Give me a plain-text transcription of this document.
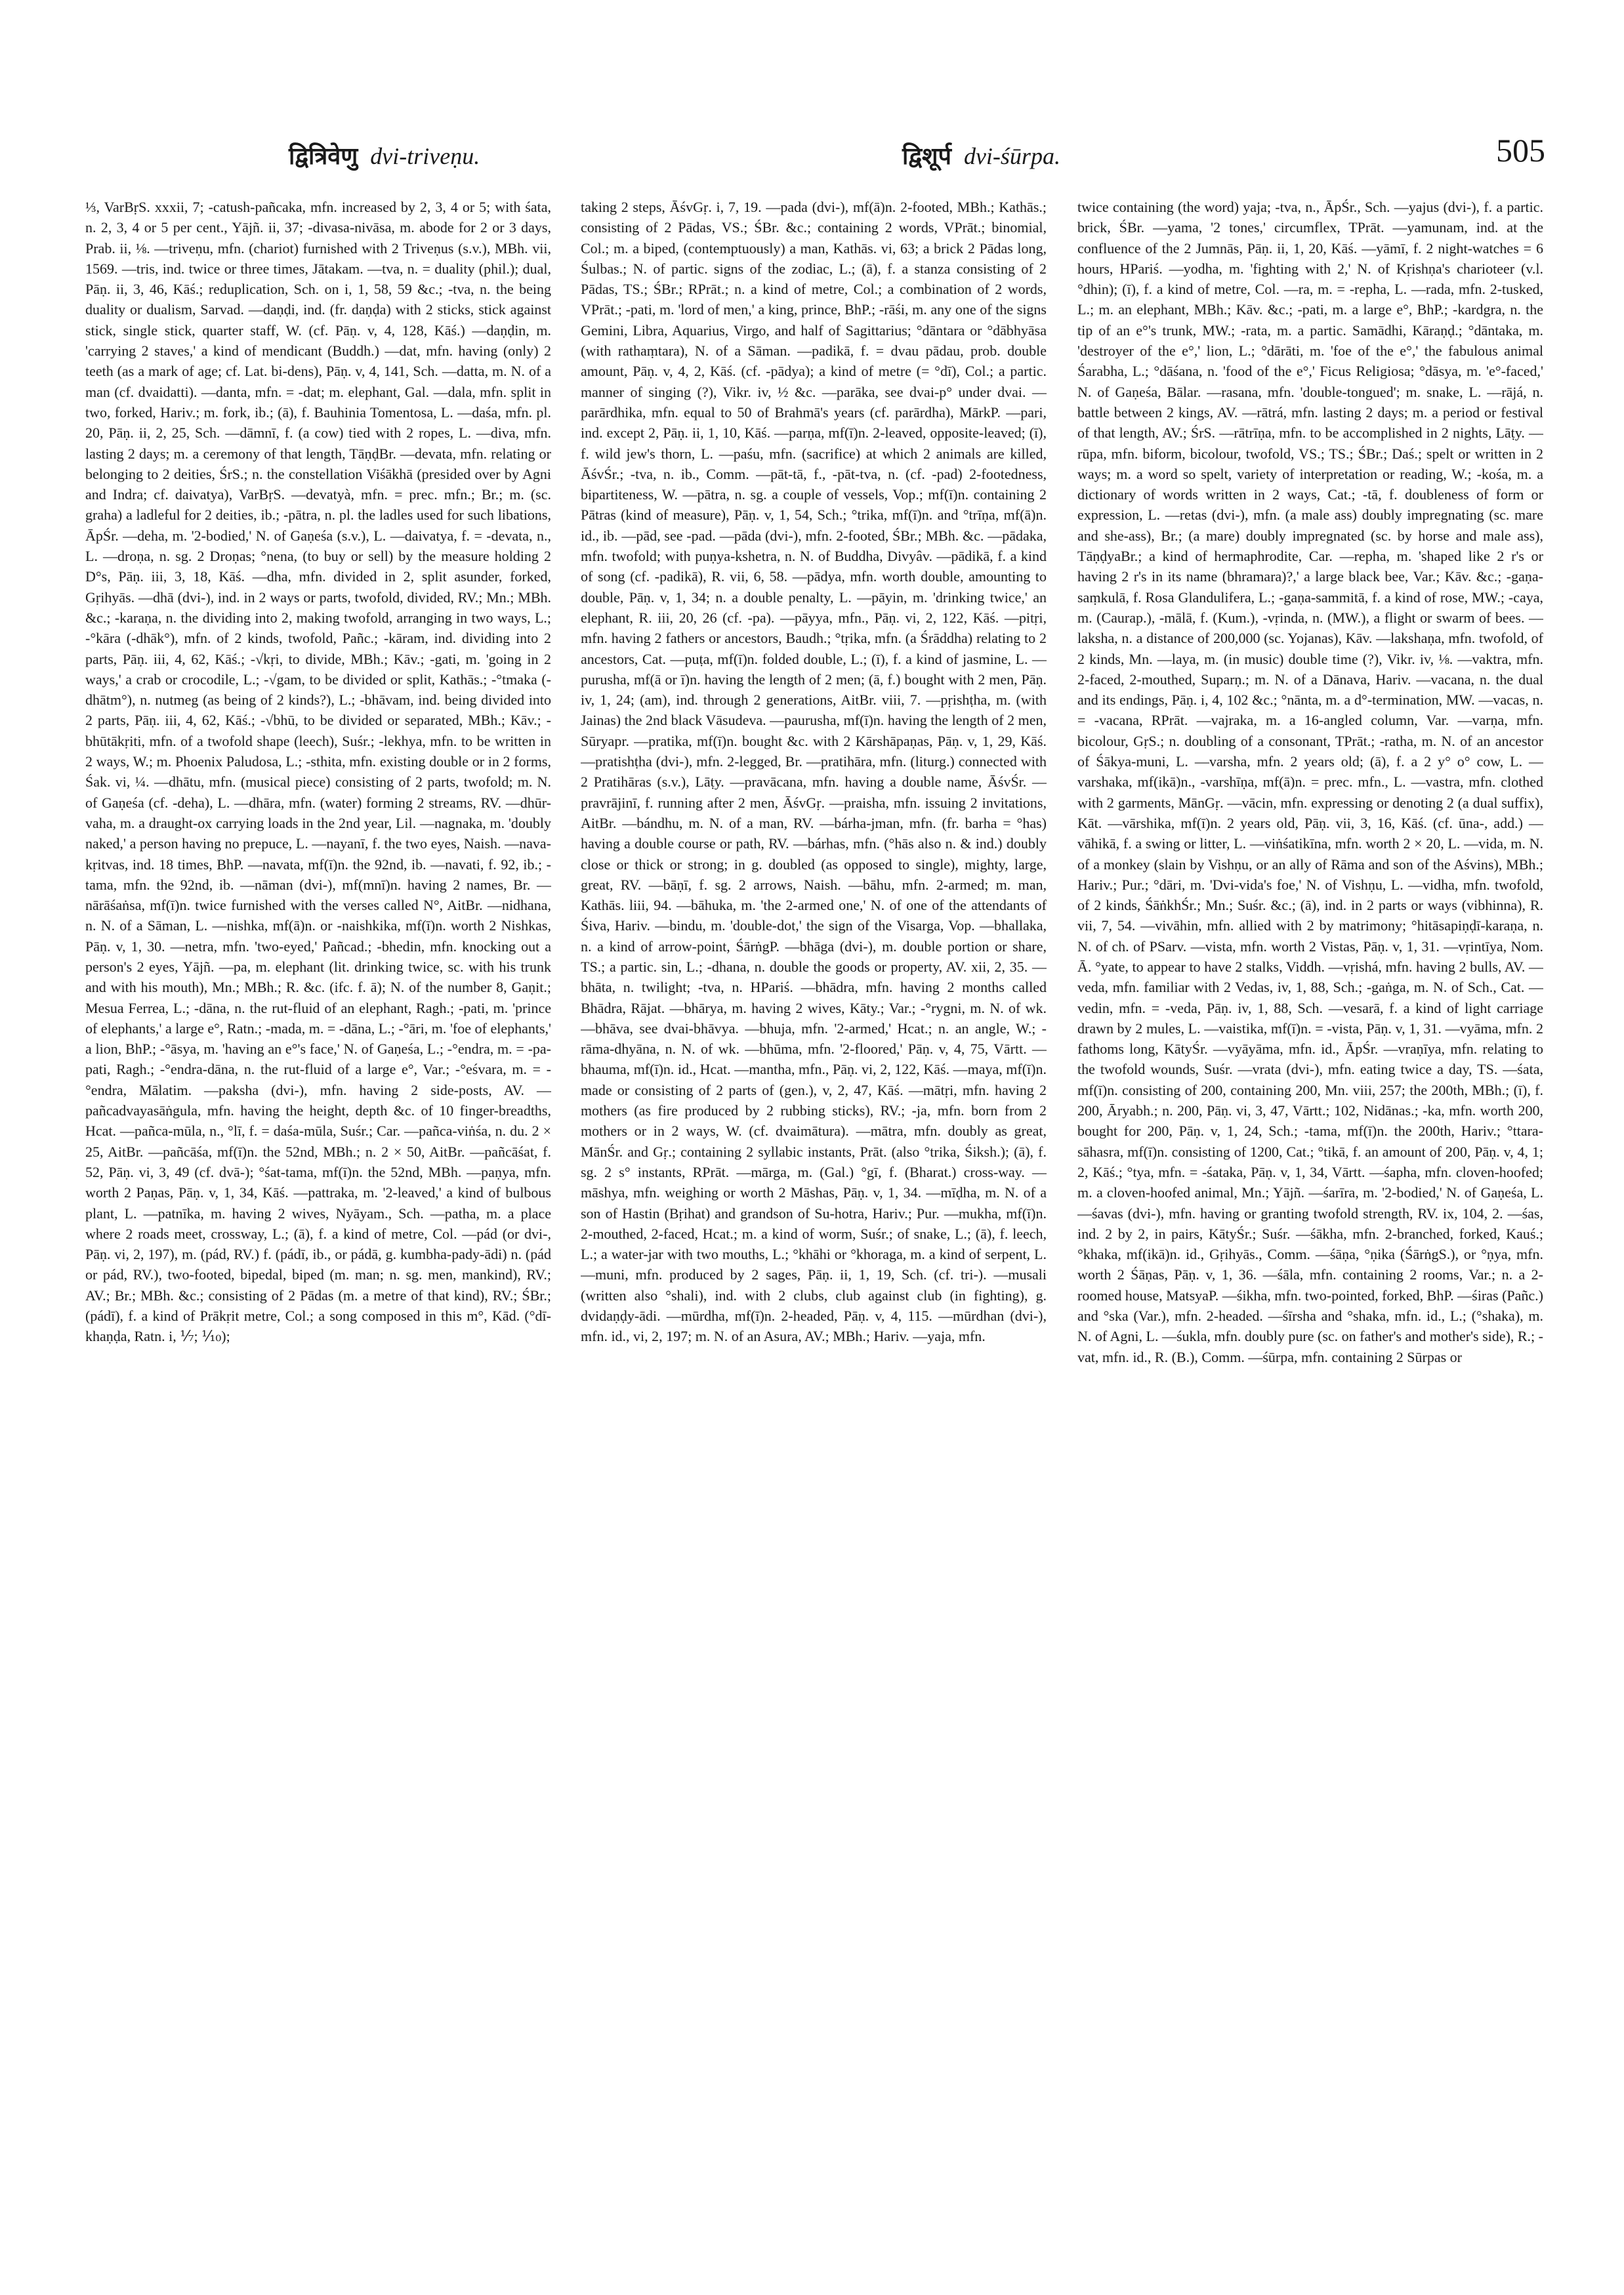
द्वित्रिवेणु dvi-triveṇu.	द्विशूर्प dvi-śūrpa.	505

⅓, VarBṛS. xxxii, 7; -catush-pañcaka, mfn. increased by 2, 3, 4 or 5; with śata, n. 2, 3, 4 or 5 per cent., Yājñ. ii, 37; -divasa-nivāsa, m. abode for 2 or 3 days, Prab. ii, ⅛. —triveṇu, mfn. (chariot) furnished with 2 Triveṇus (s.v.), MBh. vii, 1569. —tris, ind. twice or three times, Jātakam. —tva, n. = duality (phil.); dual, Pāṇ. ii, 3, 46, Kāś.; reduplication, Sch. on i, 1, 58, 59 &c.; -tva, n. the being duality or dualism, Sarvad. —daṇḍi, ind. (fr. daṇḍa) with 2 sticks, stick against stick, single stick, quarter staff, W. (cf. Pāṇ. v, 4, 128, Kāś.) —daṇḍin, m. 'carrying 2 staves,' a kind of mendicant (Buddh.) —dat, mfn. having (only) 2 teeth (as a mark of age; cf. Lat. bi-dens), Pāṇ. v, 4, 141, Sch. —datta, m. N. of a man (cf. dvaidatti). —danta, mfn. = -dat; m. elephant, Gal. —dala, mfn. split in two, forked, Hariv.; m. fork, ib.; (ā), f. Bauhinia Tomentosa, L. —daśa, mfn. pl. 20, Pāṇ. ii, 2, 25, Sch. —dāmnī, f. (a cow) tied with 2 ropes, L. —diva, mfn. lasting 2 days; m. a ceremony of that length, TāṇḍBr. —devata, mfn. relating or belonging to 2 deities, ŚrS.; n. the constellation Viśākhā (presided over by Agni and Indra; cf. daivatya), VarBṛS. —devatyà, mfn. = prec. mfn.; Br.; m. (sc. graha) a ladleful for 2 deities, ib.; -pātra, n. pl. the ladles used for such libations, ĀpŚr. —deha, m. '2-bodied,' N. of Gaṇeśa (s.v.), L. —daivatya, f. = -devata, n., L. —droṇa, n. sg. 2 Droṇas; °nena, (to buy or sell) by the measure holding 2 D°s, Pāṇ. iii, 3, 18, Kāś. —dha, mfn. divided in 2, split asunder, forked, Gṛihyās. —dhā (dvi-), ind. in 2 ways or parts, twofold, divided, RV.; Mn.; MBh. &c.; -karaṇa, n. the dividing into 2, making twofold, arranging in two ways, L.; -°kāra (-dhāk°), mfn. of 2 kinds, twofold, Pañc.; -kāram, ind. dividing into 2 parts, Pāṇ. iii, 4, 62, Kāś.; -√kṛi, to divide, MBh.; Kāv.; -gati, m. 'going in 2 ways,' a crab or crocodile, L.; -√gam, to be divided or split, Kathās.; -°tmaka (-dhātm°), n. nutmeg (as being of 2 kinds?), L.; -bhāvam, ind. being divided into 2 parts, Pāṇ. iii, 4, 62, Kāś.; -√bhū, to be divided or separated, MBh.; Kāv.; -bhūtākṛiti, mfn. of a twofold shape (leech), Suśr.; -lekhya, mfn. to be written in 2 ways, W.; m. Phoenix Paludosa, L.; -sthita, mfn. existing double or in 2 forms, Śak. vi, ¼. —dhātu, mfn. (musical piece) consisting of 2 parts, twofold; m. N. of Gaṇeśa (cf. -deha), L. —dhāra, mfn. (water) forming 2 streams, RV. —dhūr-vaha, m. a draught-ox carrying loads in the 2nd year, Lil. —nagnaka, m. 'doubly naked,' a person having no prepuce, L. —nayanī, f. the two eyes, Naish. —nava-kṛitvas, ind. 18 times, BhP. —navata, mf(ī)n. the 92nd, ib. —navati, f. 92, ib.; -tama, mfn. the 92nd, ib. —nāman (dvi-), mf(mnī)n. having 2 names, Br. —nārāśaṅsa, mf(ī)n. twice furnished with the verses called N°, AitBr. —nidhana, n. N. of a Sāman, L. —nishka, mf(ā)n. or -naishkika, mf(ī)n. worth 2 Nishkas, Pāṇ. v, 1, 30. —netra, mfn. 'two-eyed,' Pañcad.; -bhedin, mfn. knocking out a person's 2 eyes, Yājñ. —pa, m. elephant (lit. drinking twice, sc. with his trunk and with his mouth), Mn.; MBh.; R. &c. (ifc. f. ā); N. of the number 8, Gaṇit.; Mesua Ferrea, L.; -dāna, n. the rut-fluid of an elephant, Ragh.; -pati, m. 'prince of elephants,' a large e°, Ratn.; -mada, m. = -dāna, L.; -°āri, m. 'foe of elephants,' a lion, BhP.; -°āsya, m. 'having an e°'s face,' N. of Gaṇeśa, L.; -°endra, m. = -pa-pati, Ragh.; -°endra-dāna, n. the rut-fluid of a large e°, Var.; -°eśvara, m. = -°endra, Mālatim. —paksha (dvi-), mfn. having 2 side-posts, AV. —pañcadvayasāṅgula, mfn. having the height, depth &c. of 10 finger-breadths, Hcat. —pañca-mūla, n., °lī, f. = daśa-mūla, Suśr.; Car. —pañca-viṅśa, n. du. 2 × 25, AitBr. —pañcāśa, mf(ī)n. the 52nd, MBh.; n. 2 × 50, AitBr. —pañcāśat, f. 52, Pāṇ. vi, 3, 49 (cf. dvā-); °śat-tama, mf(ī)n. the 52nd, MBh. —paṇya, mfn. worth 2 Paṇas, Pāṇ. v, 1, 34, Kāś. —pattraka, m. '2-leaved,' a kind of bulbous plant, L. —patnīka, m. having 2 wives, Nyāyam., Sch. —patha, m. a place where 2 roads meet, crossway, L.; (ā), f. a kind of metre, Col. —pád (or dvi-, Pāṇ. vi, 2, 197), m. (pád, RV.) f. (pádī, ib., or pádā, g. kumbha-pady-ādi) n. (pád or pád, RV.), two-footed, bipedal, biped (m. man; n. sg. men, mankind), RV.; AV.; Br.; MBh. &c.; consisting of 2 Pādas (m. a metre of that kind), RV.; ŚBr.; (pádī), f. a kind of Prākṛit metre, Col.; a song composed in this m°, Kād. (°dī-khaṇḍa, Ratn. i, ⅐; ⅒);

taking 2 steps, ĀśvGṛ. i, 7, 19. —pada (dvi-), mf(ā)n. 2-footed, MBh.; Kathās.; consisting of 2 Pādas, VS.; ŚBr. &c.; containing 2 words, VPrāt.; binomial, Col.; m. a biped, (contemptuously) a man, Kathās. vi, 63; a brick 2 Pādas long, Śulbas.; N. of partic. signs of the zodiac, L.; (ā), f. a stanza consisting of 2 Pādas, TS.; ŚBr.; RPrāt.; n. a kind of metre, Col.; a combination of 2 words, VPrāt.; -pati, m. 'lord of men,' a king, prince, BhP.; -rāśi, m. any one of the signs Gemini, Libra, Aquarius, Virgo, and half of Sagittarius; °dāntara or °dābhyāsa (with rathaṃtara), N. of a Sāman. —padikā, f. = dvau pādau, prob. double amount, Pāṇ. v, 4, 2, Kāś. (cf. -pādya); a kind of metre (= °dī), Col.; a partic. manner of singing (?), Vikr. iv, ½ &c. —parāka, see dvai-p° under dvai. —parārdhika, mfn. equal to 50 of Brahmā's years (cf. parārdha), MārkP. —pari, ind. except 2, Pāṇ. ii, 1, 10, Kāś. —parṇa, mf(ī)n. 2-leaved, opposite-leaved; (ī), f. wild jew's thorn, L. —paśu, mfn. (sacrifice) at which 2 animals are killed, ĀśvŚr.; -tva, n. ib., Comm. —pāt-tā, f., -pāt-tva, n. (cf. -pad) 2-footedness, bipartiteness, W. —pātra, n. sg. a couple of vessels, Vop.; mf(ī)n. containing 2 Pātras (kind of measure), Pāṇ. v, 1, 54, Sch.; °trika, mf(ī)n. and °trīṇa, mf(ā)n. id., ib. —pād, see -pad. —pāda (dvi-), mfn. 2-footed, ŚBr.; MBh. &c. —pādaka, mfn. twofold; with puṇya-kshetra, n. N. of Buddha, Divyâv. —pādikā, f. a kind of song (cf. -padikā), R. vii, 6, 58. —pādya, mfn. worth double, amounting to double, Pāṇ. v, 1, 34; n. a double penalty, L. —pāyin, m. 'drinking twice,' an elephant, R. iii, 20, 26 (cf. -pa). —pāyya, mfn., Pāṇ. vi, 2, 122, Kāś. —pitṛi, mfn. having 2 fathers or ancestors, Baudh.; °tṛika, mfn. (a Śrāddha) relating to 2 ancestors, Cat. —puṭa, mf(ī)n. folded double, L.; (ī), f. a kind of jasmine, L. —purusha, mf(ā or ī)n. having the length of 2 men; (ā, f.) bought with 2 men, Pāṇ. iv, 1, 24; (am), ind. through 2 generations, AitBr. viii, 7. —pṛishṭha, m. (with Jainas) the 2nd black Vāsudeva. —paurusha, mf(ī)n. having the length of 2 men, Sūryapr. —pratika, mf(ī)n. bought &c. with 2 Kārshāpaṇas, Pāṇ. v, 1, 29, Kāś. —pratishṭha (dvi-), mfn. 2-legged, Br. —pratihāra, mfn. (liturg.) connected with 2 Pratihāras (s.v.), Lāṭy. —pravācana, mfn. having a double name, ĀśvŚr. —pravrājinī, f. running after 2 men, ĀśvGṛ. —praisha, mfn. issuing 2 invitations, AitBr. —bándhu, m. N. of a man, RV. —bárha-jman, mfn. (fr. barha = °has) having a double course or path, RV. —bárhas, mfn. (°hās also n. & ind.) doubly close or thick or strong; in g. doubled (as opposed to single), mighty, large, great, RV. —bāṇī, f. sg. 2 arrows, Naish. —bāhu, mfn. 2-armed; m. man, Kathās. liii, 94. —bāhuka, m. 'the 2-armed one,' N. of one of the attendants of Śiva, Hariv. —bindu, m. 'double-dot,' the sign of the Visarga, Vop. —bhallaka, n. a kind of arrow-point, ŚārṅgP. —bhāga (dvi-), m. double portion or share, TS.; a partic. sin, L.; -dhana, n. double the goods or property, AV. xii, 2, 35. —bhāta, n. twilight; -tva, n. HPariś. —bhādra, mfn. having 2 months called Bhādra, Rājat. —bhārya, m. having 2 wives, Kāty.; Var.; -°rygni, m. N. of wk. —bhāva, see dvai-bhāvya. —bhuja, mfn. '2-armed,' Hcat.; n. an angle, W.; -rāma-dhyāna, n. N. of wk. —bhūma, mfn. '2-floored,' Pāṇ. v, 4, 75, Vārtt. —bhauma, mf(ī)n. id., Hcat. —mantha, mfn., Pāṇ. vi, 2, 122, Kāś. —maya, mf(ī)n. made or consisting of 2 parts of (gen.), v, 2, 47, Kāś. —mātṛi, mfn. having 2 mothers (as fire produced by 2 rubbing sticks), RV.; -ja, mfn. born from 2 mothers or in 2 ways, W. (cf. dvaimātura). —mātra, mfn. doubly as great, MānŚr. and Gṛ.; containing 2 syllabic instants, Prāt. (also °trika, Śiksh.); (ā), f. sg. 2 s° instants, RPrāt. —mārga, m. (Gal.) °gī, f. (Bharat.) cross-way. —māshya, mfn. weighing or worth 2 Māshas, Pāṇ. v, 1, 34. —mīḍha, m. N. of a son of Hastin (Bṛihat) and grandson of Su-hotra, Hariv.; Pur. —mukha, mf(ī)n. 2-mouthed, 2-faced, Hcat.; m. a kind of worm, Suśr.; of snake, L.; (ā), f. leech, L.; a water-jar with two mouths, L.; °khāhi or °khoraga, m. a kind of serpent, L. —muni, mfn. produced by 2 sages, Pāṇ. ii, 1, 19, Sch. (cf. tri-). —musali (written also °shali), ind. with 2 clubs, club against club (in fighting), g. dvidaṇḍy-ādi. —mūrdha, mf(ī)n. 2-headed, Pāṇ. v, 4, 115. —mūrdhan (dvi-), mfn. id., vi, 2, 197; m. N. of an Asura, AV.; MBh.; Hariv. —yaja, mfn.

twice containing (the word) yaja; -tva, n., ĀpŚr., Sch. —yajus (dvi-), f. a partic. brick, ŚBr. —yama, '2 tones,' circumflex, TPrāt. —yamunam, ind. at the confluence of the 2 Jumnās, Pāṇ. ii, 1, 20, Kāś. —yāmī, f. 2 night-watches = 6 hours, HPariś. —yodha, m. 'fighting with 2,' N. of Kṛishṇa's charioteer (v.l. °dhin); (ī), f. a kind of metre, Col. —ra, m. = -repha, L. —rada, mfn. 2-tusked, L.; m. an elephant, MBh.; Kāv. &c.; -pati, m. a large e°, BhP.; -kardgra, n. the tip of an e°'s trunk, MW.; -rata, m. a partic. Samādhi, Kāraṇḍ.; °dāntaka, m. 'destroyer of the e°,' lion, L.; °dārāti, m. 'foe of the e°,' the fabulous animal Śarabha, L.; °dāśana, n. 'food of the e°,' Ficus Religiosa; °dāsya, m. 'e°-faced,' N. of Gaṇeśa, Bālar. —rasana, mfn. 'double-tongued'; m. snake, L. —rājá, n. battle between 2 kings, AV. —rātrá, mfn. lasting 2 days; m. a period or festival of that length, AV.; ŚrS. —rātrīṇa, mfn. to be accomplished in 2 nights, Lāṭy. —rūpa, mfn. biform, bicolour, twofold, VS.; TS.; ŚBr.; Daś.; spelt or written in 2 ways; m. a word so spelt, variety of interpretation or reading, W.; -kośa, m. a dictionary of words written in 2 ways, Cat.; -tā, f. doubleness of form or expression, L. —retas (dvi-), mfn. (a male ass) doubly impregnating (sc. mare and she-ass), Br.; (a mare) doubly impregnated (sc. by horse and male ass), TāṇḍyaBr.; a kind of hermaphrodite, Car. —repha, m. 'shaped like 2 r's or having 2 r's in its name (bhramara)?,' a large black bee, Var.; Kāv. &c.; -gaṇa-saṃkulā, f. Rosa Glandulifera, L.; -gaṇa-sammitā, f. a kind of rose, MW.; -caya, m. (Caurap.), -mālā, f. (Kum.), -vṛinda, n. (MW.), a flight or swarm of bees. —laksha, n. a distance of 200,000 (sc. Yojanas), Kāv. —lakshaṇa, mfn. twofold, of 2 kinds, Mn. —laya, m. (in music) double time (?), Vikr. iv, ⅛. —vaktra, mfn. 2-faced, 2-mouthed, Suparṇ.; m. N. of a Dānava, Hariv. —vacana, n. the dual and its endings, Pāṇ. i, 4, 102 &c.; °nānta, m. a d°-termination, MW. —vacas, n. = -vacana, RPrāt. —vajraka, m. a 16-angled column, Var. —varṇa, mfn. bicolour, GṛS.; n. doubling of a consonant, TPrāt.; -ratha, m. N. of an ancestor of Śākya-muni, L. —varsha, mfn. 2 years old; (ā), f. a 2 y° o° cow, L. —varshaka, mf(ikā)n., -varshīṇa, mf(ā)n. = prec. mfn., L. —vastra, mfn. clothed with 2 garments, MānGṛ. —vācin, mfn. expressing or denoting 2 (a dual suffix), Kāt. —vārshika, mf(ī)n. 2 years old, Pāṇ. vii, 3, 16, Kāś. (cf. ūna-, add.) —vāhikā, f. a swing or litter, L. —viṅśatikīna, mfn. worth 2 × 20, L. —vida, m. N. of a monkey (slain by Vishṇu, or an ally of Rāma and son of the Aśvins), MBh.; Hariv.; Pur.; °dāri, m. 'Dvi-vida's foe,' N. of Vishṇu, L. —vidha, mfn. twofold, of 2 kinds, ŚāṅkhŚr.; Mn.; Suśr. &c.; (ā), ind. in 2 parts or ways (vibhinna), R. vii, 7, 54. —vivāhin, mfn. allied with 2 by matrimony; °hitāsapiṇḍī-karaṇa, n. N. of ch. of PSarv. —vista, mfn. worth 2 Vistas, Pāṇ. v, 1, 31. —vṛintīya, Nom. Ā. °yate, to appear to have 2 stalks, Viddh. —vṛishá, mfn. having 2 bulls, AV. —veda, mfn. familiar with 2 Vedas, iv, 1, 88, Sch.; -gaṅga, m. N. of Sch., Cat. —vedin, mfn. = -veda, Pāṇ. iv, 1, 88, Sch. —vesarā, f. a kind of light carriage drawn by 2 mules, L. —vaistika, mf(ī)n. = -vista, Pāṇ. v, 1, 31. —vyāma, mfn. 2 fathoms long, KātyŚr. —vyāyāma, mfn. id., ĀpŚr. —vraṇīya, mfn. relating to the twofold wounds, Suśr. —vrata (dvi-), mfn. eating twice a day, TS. —śata, mf(ī)n. consisting of 200, containing 200, Mn. viii, 257; the 200th, MBh.; (ī), f. 200, Āryabh.; n. 200, Pāṇ. vi, 3, 47, Vārtt.; 102, Nidānas.; -ka, mfn. worth 200, bought for 200, Pāṇ. v, 1, 24, Sch.; -tama, mf(ī)n. the 200th, Hariv.; °ttara-sāhasra, mf(ī)n. consisting of 1200, Cat.; °tikā, f. an amount of 200, Pāṇ. v, 4, 1; 2, Kāś.; °tya, mfn. = -śataka, Pāṇ. v, 1, 34, Vārtt. —śapha, mfn. cloven-hoofed; m. a cloven-hoofed animal, Mn.; Yājñ. —śarīra, m. '2-bodied,' N. of Gaṇeśa, L. —śavas (dvi-), mfn. having or granting twofold strength, RV. ix, 104, 2. —śas, ind. 2 by 2, in pairs, KātyŚr.; Suśr. —śākha, mfn. 2-branched, forked, Kauś.; °khaka, mf(ikā)n. id., Gṛihyās., Comm. —śāṇa, °ṇika (ŚārṅgS.), or °ṇya, mfn. worth 2 Śāṇas, Pāṇ. v, 1, 36. —śāla, mfn. containing 2 rooms, Var.; n. a 2-roomed house, MatsyaP. —śikha, mfn. two-pointed, forked, BhP. —śiras (Pañc.) and °ska (Var.), mfn. 2-headed. —śīrsha and °shaka, mfn. id., L.; (°shaka), m. N. of Agni, L. —śukla, mfn. doubly pure (sc. on father's and mother's side), R.; -vat, mfn. id., R. (B.), Comm. —śūrpa, mfn. containing 2 Sūrpas or
